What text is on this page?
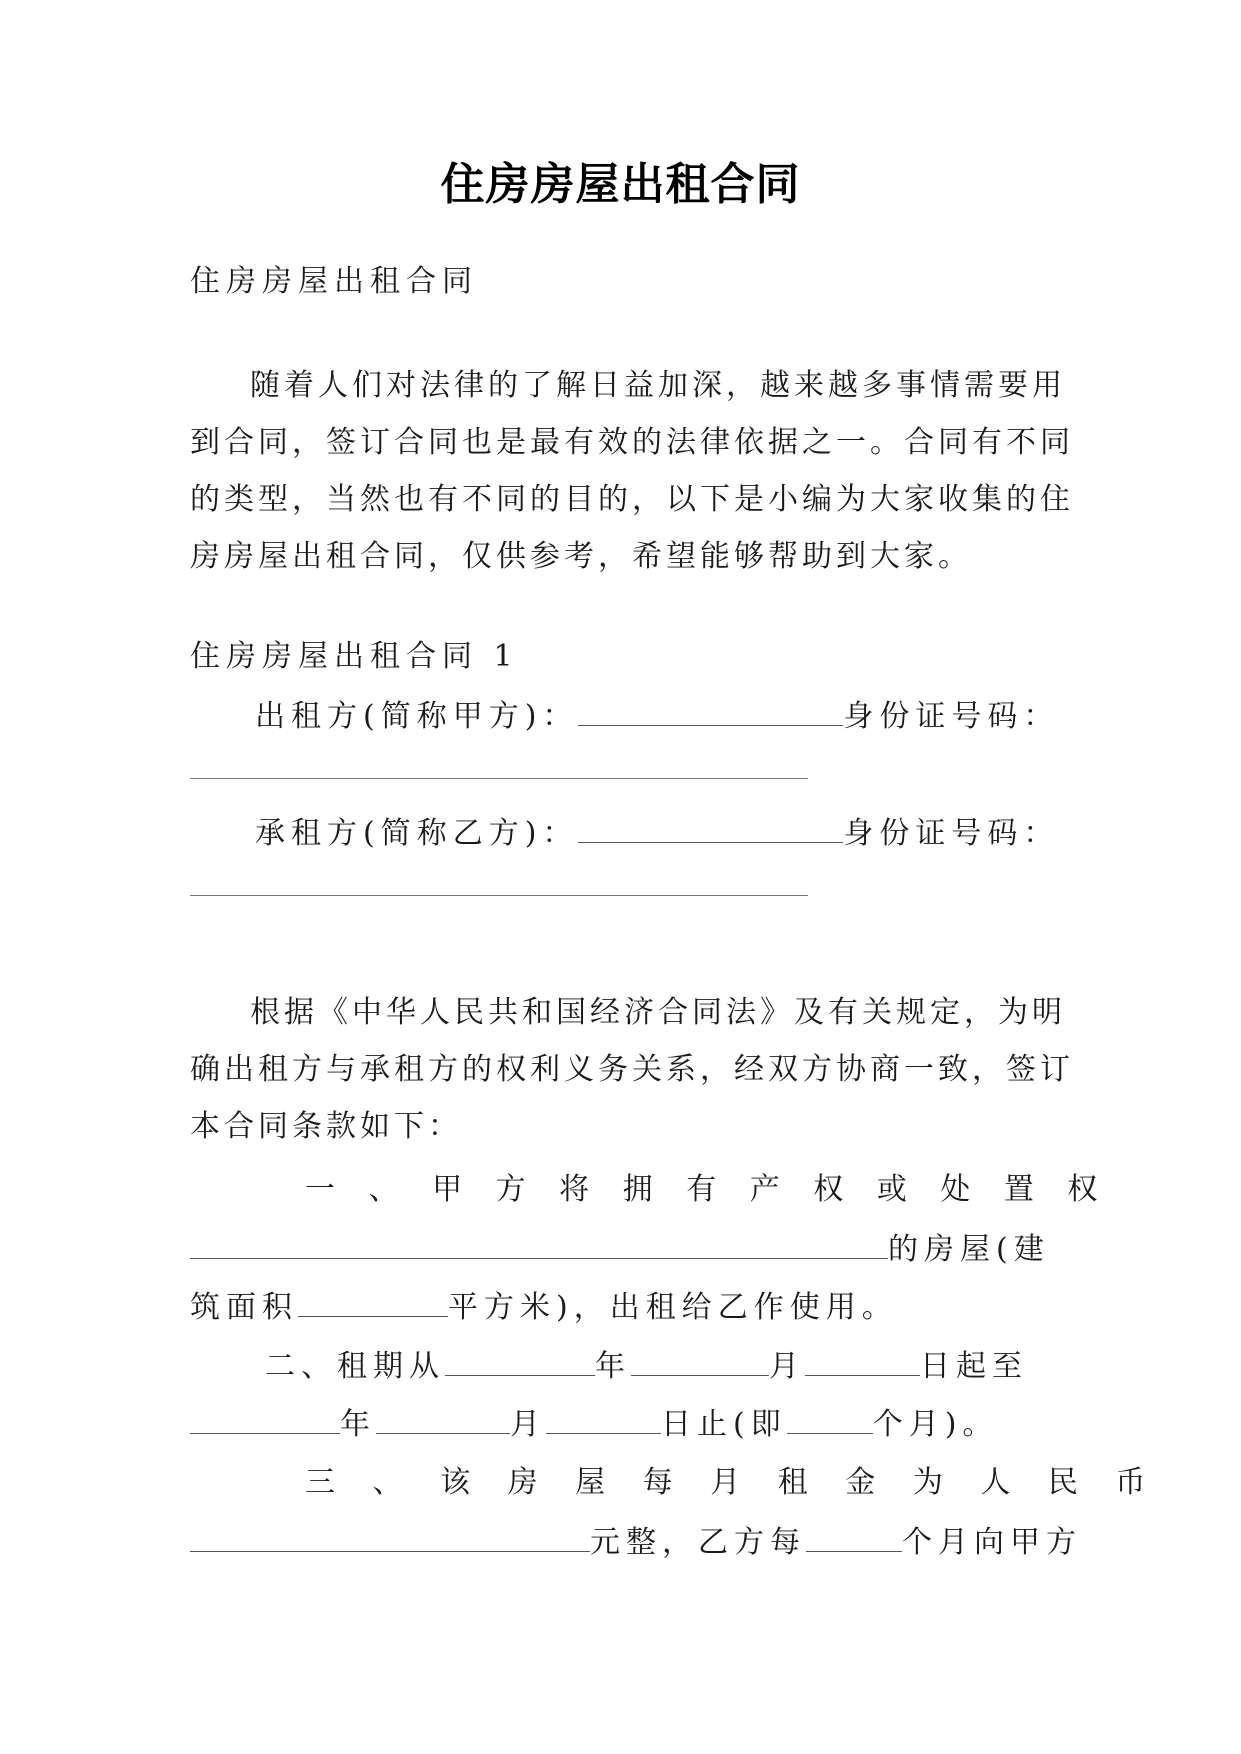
住房房屋出租合同
住房房屋出租合同
随着人们对法律的了解日益加深，越来越多事情需要用
到合同，签订合同也是最有效的法律依据之一。合同有不同
的类型，当然也有不同的目的，以下是小编为大家收集的住
房房屋出租合同，仅供参考，希望能够帮助到大家。
住房房屋出租合同 1
出租方(简称甲方)：	身份证号码：
承租方(简称乙方)：	身份证号码：
根据《中华人民共和国经济合同法》及有关规定，为明
确出租方与承租方的权利义务关系，经双方协商一致，签订
本合同条款如下：
一 、 甲 方 将 拥 有 产 权 或 处 置 权
的房屋(建
筑面积	平方米)，出租给乙作使用。
二、租期从	年	月	日起至
年	月	日止(即	个月)。
三 、 该 房 屋 每 月 租 金 为 人 民 币
元整，乙方每	个月向甲方
